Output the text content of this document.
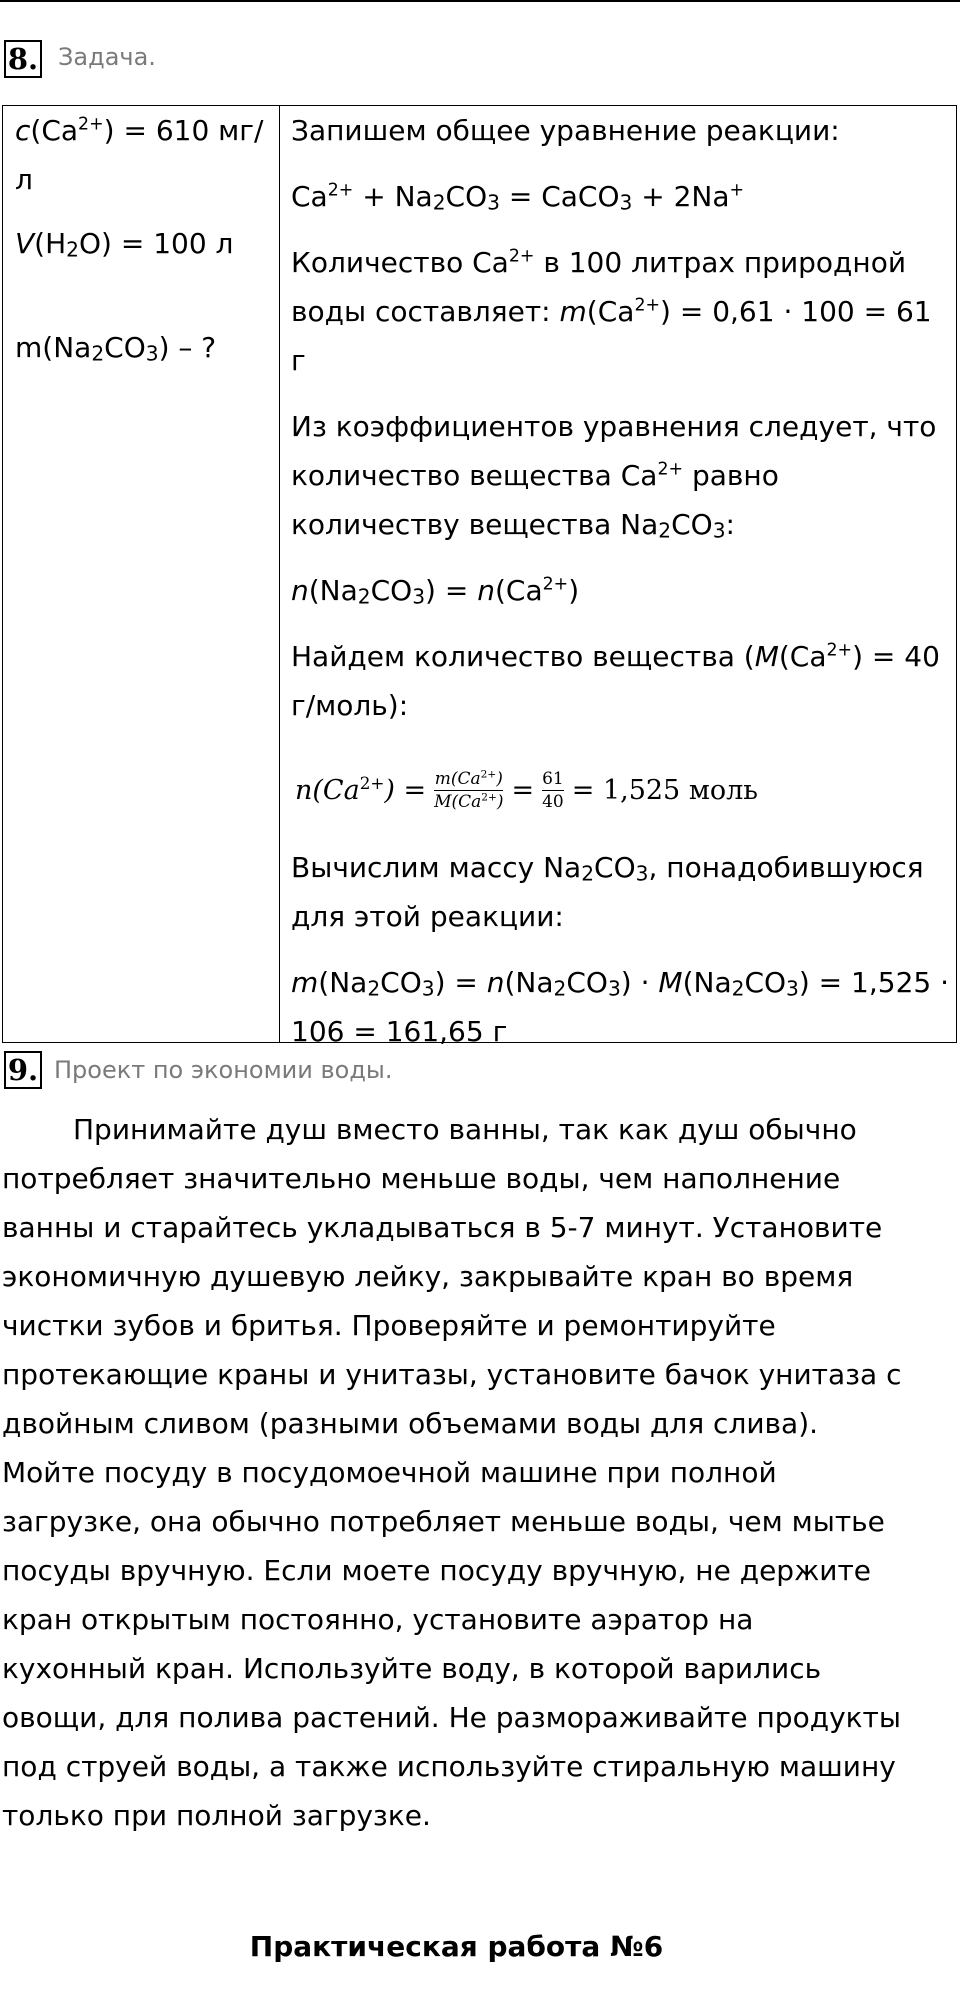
8. Задача.

$c(Ca^{2+}) = 610$ мг/л

$V(H_2O) = 100$ л

$m(Na_2CO_3)$ – ?

Запишем общее уравнение реакции:

$Ca^{2+} + Na_2CO_3$ = CaCO$_3$ + 2Na+

Количество $Ca^{2+}$ в 100 литрах природной воды составляет: $m(Ca^{2+}) = 0,61 \cdot 100 = 61$ г

Из коэффициентов уравнения следует, что количество вещества $Ca^{2+}$ равно количеству вещества $Na_2CO_3$:

$n(Na_2CO_3) = n(Ca^{2+})$

Найдем количество вещества ($M(Ca^{2+}) = 40$ г/моль):

$n(Ca^{2+}) = \frac{m(Ca^{2+})}{M(Ca^{2+})} = \frac{61}{40} = 1,525$ моль

Вычислим массу $Na_2CO_3$, понадобившуюся для этой реакции:

$m(Na_2CO_3) = n(Na_2CO_3) \cdot M(Na_2CO_3) = 1,525 \cdot 106 = 161,65$ г

9. Проект по экономии воды.

Принимайте душ вместо ванны, так как душ обычно потребляет значительно меньше воды, чем наполнение ванны и старайтесь укладываться в 5-7 минут. Установите экономичную душевую лейку, закрывайте кран во время чистки зубов и бритья. Проверяйте и ремонтируйте протекающие краны и унитазы, установите бачок унитаза с двойным сливом (разными объемами воды для слива). Мойте посуду в посудомоечной машине при полной загрузке, она обычно потребляет меньше воды, чем мытье посуды вручную. Если моете посуду вручную, не держите кран открытым постоянно, установите аэратор на кухонный кран. Используйте воду, в которой варились овощи, для полива растений. Не размораживайте продукты под струей воды, а также используйте стиральную машину только при полной загрузке.

Практическая работа №6
